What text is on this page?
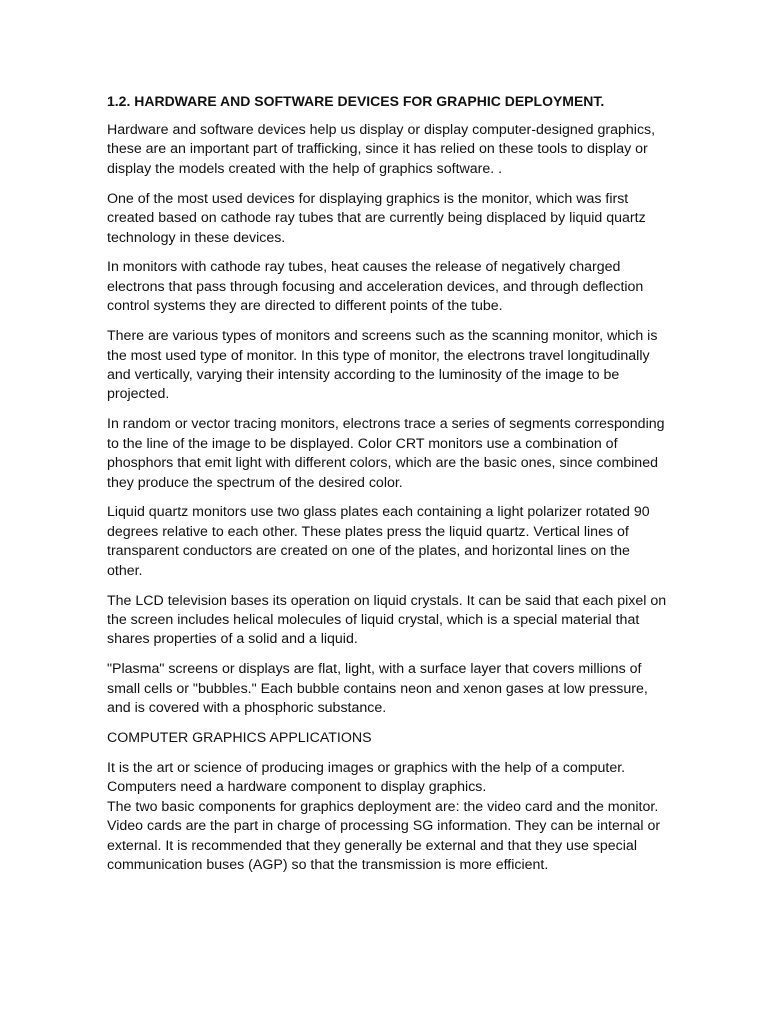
1.2. HARDWARE AND SOFTWARE DEVICES FOR GRAPHIC DEPLOYMENT.

Hardware and software devices help us display or display computer-designed graphics, these are an important part of trafficking, since it has relied on these tools to display or display the models created with the help of graphics software. .

One of the most used devices for displaying graphics is the monitor, which was first created based on cathode ray tubes that are currently being displaced by liquid quartz technology in these devices.

In monitors with cathode ray tubes, heat causes the release of negatively charged electrons that pass through focusing and acceleration devices, and through deflection control systems they are directed to different points of the tube.

There are various types of monitors and screens such as the scanning monitor, which is the most used type of monitor. In this type of monitor, the electrons travel longitudinally and vertically, varying their intensity according to the luminosity of the image to be projected.

In random or vector tracing monitors, electrons trace a series of segments corresponding to the line of the image to be displayed. Color CRT monitors use a combination of phosphors that emit light with different colors, which are the basic ones, since combined they produce the spectrum of the desired color.

Liquid quartz monitors use two glass plates each containing a light polarizer rotated 90 degrees relative to each other. These plates press the liquid quartz. Vertical lines of transparent conductors are created on one of the plates, and horizontal lines on the other.

The LCD television bases its operation on liquid crystals. It can be said that each pixel on the screen includes helical molecules of liquid crystal, which is a special material that shares properties of a solid and a liquid.

"Plasma" screens or displays are flat, light, with a surface layer that covers millions of small cells or "bubbles." Each bubble contains neon and xenon gases at low pressure, and is covered with a phosphoric substance.

COMPUTER GRAPHICS APPLICATIONS

It is the art or science of producing images or graphics with the help of a computer. Computers need a hardware component to display graphics.

The two basic components for graphics deployment are: the video card and the monitor. Video cards are the part in charge of processing SG information. They can be internal or external. It is recommended that they generally be external and that they use special communication buses (AGP) so that the transmission is more efficient.
